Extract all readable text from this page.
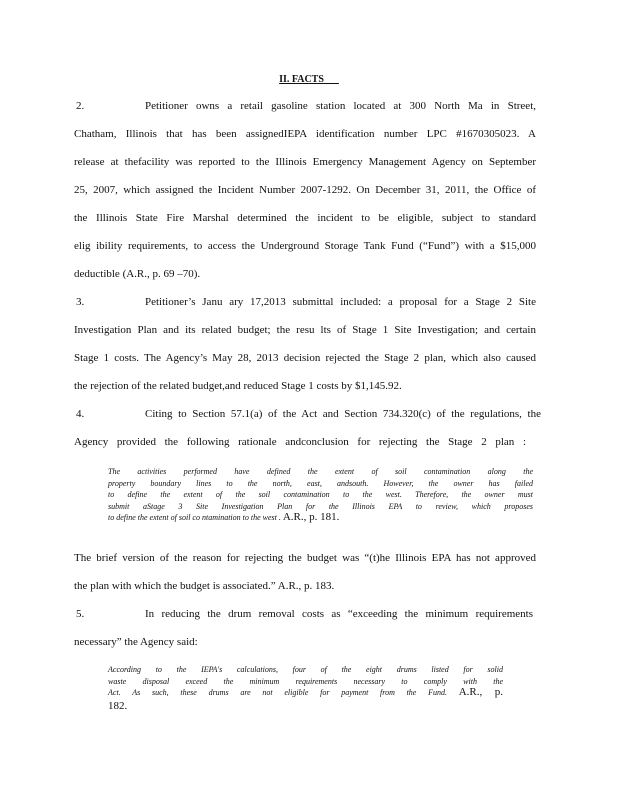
II. FACTS
2.	Petitioner owns a retail gasoline station located at 300 North Ma in Street,
Chatham, Illinois that has been assignedIEPA identification number LPC #1670305023. A
release at thefacility was reported to the Illinois Emergency Management Agency on September
25, 2007, which assigned the Incident Number 2007-1292. On December 31, 2011, the Office of
the Illinois State Fire Marshal determined the incident to be eligible, subject to standard
elig ibility requirements, to access the Underground Storage Tank Fund (“Fund”) with a $15,000
deductible (A.R., p. 69 –70).
3.	Petitioner’s Janu ary 17,2013 submittal included: a proposal for a Stage 2 Site
Investigation Plan and its related budget; the resu lts of Stage 1 Site Investigation; and certain
Stage 1 costs. The Agency’s May 28, 2013 decision rejected the Stage 2 plan, which also caused
the rejection of the related budget,and reduced Stage 1 costs by $1,145.92.
4.	Citing to Section 57.1(a) of the Act and Section 734.320(c) of the regulations, the
Agency provided the following rationale andconclusion for rejecting the Stage 2 plan :
The activities performed have defined the extent of soil contamination along the
property boundary lines to the north, east, andsouth. However, the owner has failed
to define the extent of the soil contamination to the west. Therefore, the owner must
submit aStage 3 Site Investigation Plan for the Illinois EPA to review, which proposes
to define the extent of soil co ntamination to the west . A.R., p. 181.
The brief version of the reason for rejecting the budget was “(t)he Illinois EPA has not approved
the plan with which the budget is associated.” A.R., p. 183.
5.	In reducing the drum removal costs as “exceeding the minimum requirements
necessary” the Agency said:
According to the IEPA's calculations, four of the eight drums listed for solid
waste disposal exceed the minimum requirements necessary to comply with the
Act. As such, these drums are not eligible for payment from the Fund. A.R., p.
182.
